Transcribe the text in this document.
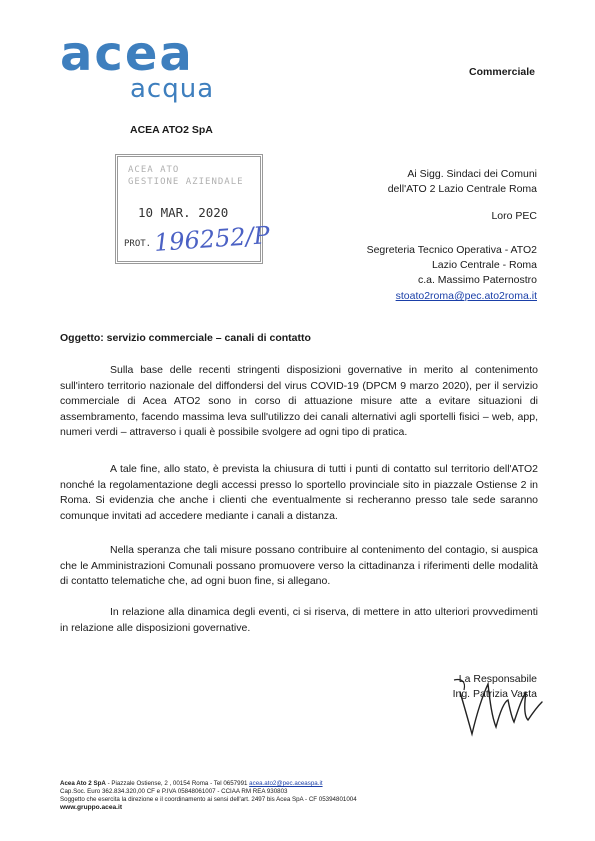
acea
acqua
Commerciale
ACEA ATO2 SpA
ACEA ATO
GESTIONE AZIENDALE
10 MAR. 2020
PROT. 196252/P
Ai Sigg. Sindaci dei Comuni
dell'ATO 2 Lazio Centrale Roma
Loro PEC
Segreteria Tecnico Operativa - ATO2
Lazio Centrale - Roma
c.a. Massimo Paternostro
stoato2roma@pec.ato2roma.it
Oggetto: servizio commerciale – canali di contatto

Sulla base delle recenti stringenti disposizioni governative in merito al contenimento sull'intero territorio nazionale del diffondersi del virus COVID-19 (DPCM 9 marzo 2020), per il servizio commerciale di Acea ATO2 sono in corso di attuazione misure atte a evitare situazioni di assembramento, facendo massima leva sull'utilizzo dei canali alternativi agli sportelli fisici – web, app, numeri verdi – attraverso i quali è possibile svolgere ad ogni tipo di pratica.

A tale fine, allo stato, è prevista la chiusura di tutti i punti di contatto sul territorio dell'ATO2 nonché la regolamentazione degli accessi presso lo sportello provinciale sito in piazzale Ostiense 2 in Roma. Si evidenzia che anche i clienti che eventualmente si recheranno presso tale sede saranno comunque invitati ad accedere mediante i canali a distanza.

Nella speranza che tali misure possano contribuire al contenimento del contagio, si auspica che le Amministrazioni Comunali possano promuovere verso la cittadinanza i riferimenti delle modalità di contatto telematiche che, ad ogni buon fine, si allegano.

In relazione alla dinamica degli eventi, ci si riserva, di mettere in atto ulteriori provvedimenti in relazione alle disposizioni governative.

La Responsabile
Ing. Patrizia Vasta
Acea Ato 2 SpA - Piazzale Ostiense, 2 , 00154 Roma - Tel 0657991 acea.ato2@pec.aceaspa.it
Cap.Soc. Euro 362.834.320,00 CF e P.IVA 05848061007 - CCIAA RM REA 930803
Soggetto che esercita la direzione e il coordinamento ai sensi dell'art. 2497 bis Acea SpA - CF 05394801004
www.gruppo.acea.it
